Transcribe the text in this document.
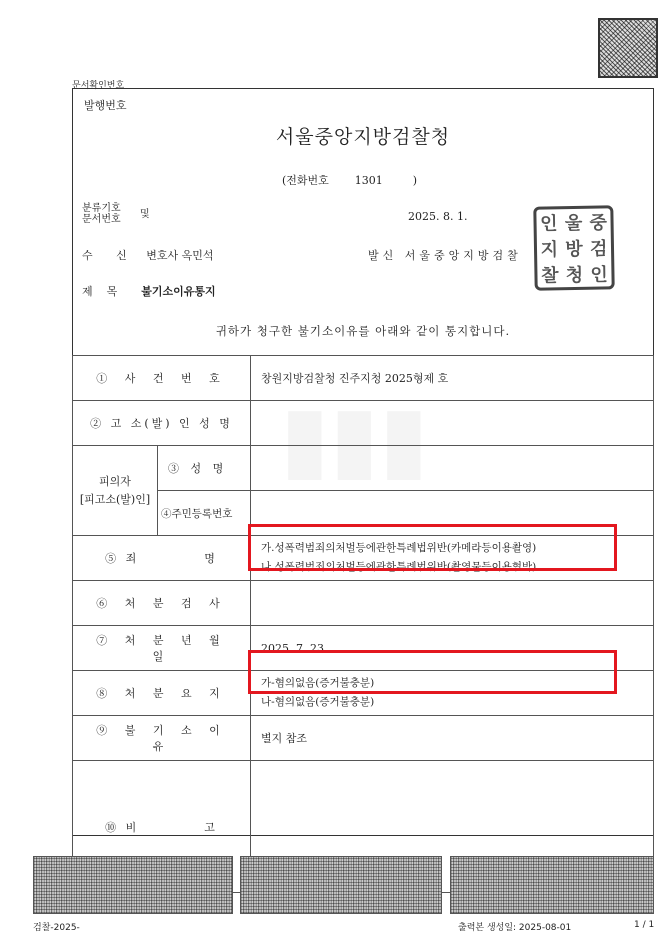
문서확인번호
발행번호
서울중앙지방검찰청
(전화번호 1301	)
분류기호
문서번호 및	2025. 8. 1.
수 신 변호사 옥민석	발신 서울중앙지방검찰
제    목 불기소이유통지
인 울 중
지 방 검
찰 청 인
귀하가 청구한 불기소이유를 아래와 같이 통지합니다.
▮▮▮
① 사 건 번 호		창원지방검찰청 진주지청 2025형제 호
② 고 소(발) 인 성 명		
피의자
[피고소(발)인]	③ 성 명	
	④주민등록번호	
⑤ 죄          명		가.성폭력범죄의처벌등에관한특례법위반(카메라등이용촬영)
나.성폭력범죄의처벌등에관한특례법위반(촬영물등이용협박)

⑥ 처 분 검 사		
⑦ 처 분 년 월 일		2025. 7. 23.
⑧ 처 분 요 지		가-혐의없음(증거불충분)
나-혐의없음(증거불충분)

⑨ 불 기 소 이 유		별지 참조
⑩ 비          고		
검찰-2025-	출력본 생성일: 2025-08-01	1 / 1
